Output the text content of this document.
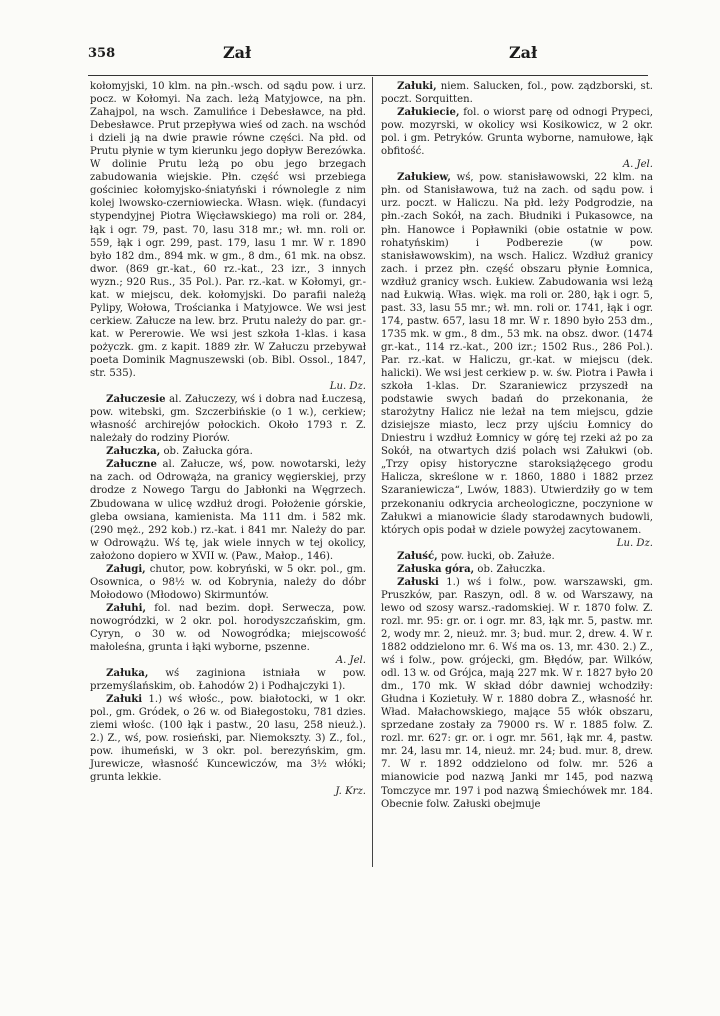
358	Zał	Zał

kołomyjski, 10 klm. na płn.-wsch. od sądu pow. i urz. pocz. w Kołomyi. Na zach. leżą Matyjowce, na płn. Zahajpol, na wsch. Zamulińce i Debesławce, na płd. Debesławce. Prut przepływa wieś od zach. na wschód i dzieli ją na dwie prawie równe części. Na płd. od Prutu płynie w tym kierunku jego dopływ Berezówka. W dolinie Prutu leżą po obu jego brzegach zabudowania wiejskie. Płn. część wsi przebiega gościniec kołomyjsko-śniatyński i równolegle z nim kolej lwowsko-czerniowiecka. Własn. więk. (fundacyi stypendyjnej Piotra Więcławskiego) ma roli or. 284, łąk i ogr. 79, past. 70, lasu 318 mr.; wł. mn. roli or. 559, łąk i ogr. 299, past. 179, lasu 1 mr. W r. 1890 było 182 dm., 894 mk. w gm., 8 dm., 61 mk. na obsz. dwor. (869 gr.-kat., 60 rz.-kat., 23 izr., 3 innych wyzn.; 920 Rus., 35 Pol.). Par. rz.-kat. w Kołomyi, gr.-kat. w miejscu, dek. kołomyjski. Do parafii należą Pylipy, Wołowa, Trościanka i Matyjowce. We wsi jest cerkiew. Załucze na lew. brz. Prutu należy do par. gr.-kat. w Pererowie. We wsi jest szkoła 1-klas. i kasa pożyczk. gm. z kapit. 1889 złr. W Załuczu przebywał poeta Dominik Magnuszewski (ob. Bibl. Ossol., 1847, str. 535).

Lu. Dz.

Załuczesie al. Załuczezy, wś i dobra nad Łuczesą, pow. witebski, gm. Szczerbińskie (o 1 w.), cerkiew; własność archirejów połockich. Około 1793 r. Z. należały do rodziny Piorów.

Załuczka, ob. Załucka góra.

Załuczne al. Załucze, wś, pow. nowotarski, leży na zach. od Odrowąża, na granicy węgierskiej, przy drodze z Nowego Targu do Jabłonki na Węgrzech. Zbudowana w ulicę wzdłuż drogi. Położenie górskie, gleba owsiana, kamienista. Ma 111 dm. i 582 mk. (290 męż., 292 kob.) rz.-kat. i 841 mr. Należy do par. w Odrowążu. Wś tę, jak wiele innych w tej okolicy, założono dopiero w XVII w. (Paw., Małop., 146).

Załugi, chutor, pow. kobryński, w 5 okr. pol., gm. Osownica, o 98½ w. od Kobrynia, należy do dóbr Mołodowo (Młodowo) Skirmuntów.

Załuhi, fol. nad bezim. dopł. Serwecza, pow. nowogródzki, w 2 okr. pol. horodyszczańskim, gm. Cyryn, o 30 w. od Nowogródka; miejscowość małoleśna, grunta i łąki wyborne, pszenne.

A. Jel.

Załuka, wś zaginiona istniała w pow. przemyślańskim, ob. Łahodów 2) i Podhajczyki 1).

Załuki 1.) wś włośc., pow. białotocki, w 1 okr. pol., gm. Gródek, o 26 w. od Białegostoku, 781 dzies. ziemi włośc. (100 łąk i pastw., 20 lasu, 258 nieuż.). 2.) Z., wś, pow. rosieński, par. Niemokszty. 3) Z., fol., pow. ihumeński, w 3 okr. pol. berezyńskim, gm. Jurewicze, własność Kuncewiczów, ma 3½ włóki; grunta lekkie.

J. Krz.

Załuki, niem. Salucken, fol., pow. ządzborski, st. poczt. Sorquitten.

Załukiecie, fol. o wiorst parę od odnogi Prypeci, pow. mozyrski, w okolicy wsi Kosikowicz, w 2 okr. pol. i gm. Petryków. Grunta wyborne, namułowe, łąk obfitość.

A. Jel.

Załukiew, wś, pow. stanisławowski, 22 klm. na płn. od Stanisławowa, tuż na zach. od sądu pow. i urz. poczt. w Haliczu. Na płd. leży Podgrodzie, na płn.-zach Sokół, na zach. Błudniki i Pukasowce, na płn. Hanowce i Popławniki (obie ostatnie w pow. rohatyńskim) i Podberezie (w pow. stanisławowskim), na wsch. Halicz. Wzdłuż granicy zach. i przez płn. część obszaru płynie Łomnica, wzdłuż granicy wsch. Łukiew. Zabudowania wsi leżą nad Łukwią. Włas. więk. ma roli or. 280, łąk i ogr. 5, past. 33, lasu 55 mr.; wł. mn. roli or. 1741, łąk i ogr. 174, pastw. 657, lasu 18 mr. W r. 1890 było 253 dm., 1735 mk. w gm., 8 dm., 53 mk. na obsz. dwor. (1474 gr.-kat., 114 rz.-kat., 200 izr.; 1502 Rus., 286 Pol.). Par. rz.-kat. w Haliczu, gr.-kat. w miejscu (dek. halicki). We wsi jest cerkiew p. w. św. Piotra i Pawła i szkoła 1-klas. Dr. Szaraniewicz przyszedł na podstawie swych badań do przekonania, że starożytny Halicz nie leżał na tem miejscu, gdzie dzisiejsze miasto, lecz przy ujściu Łomnicy do Dniestru i wzdłuż Łomnicy w górę tej rzeki aż po za Sokół, na otwartych dziś polach wsi Załukwi (ob. „Trzy opisy historyczne staroksiążęcego grodu Halicza, skreślone w r. 1860, 1880 i 1882 przez Szaraniewicza“, Lwów, 1883). Utwierdziły go w tem przekonaniu odkrycia archeologiczne, poczynione w Załukwi a mianowicie ślady starodawnych budowli, których opis podał w dziele powyżej zacytowanem.

Lu. Dz.

Załuść, pow. łucki, ob. Załuże.

Załuska góra, ob. Załuczka.

Załuski 1.) wś i folw., pow. warszawski, gm. Pruszków, par. Raszyn, odl. 8 w. od Warszawy, na lewo od szosy warsz.-radomskiej. W r. 1870 folw. Z. rozl. mr. 95: gr. or. i ogr. mr. 83, łąk mr. 5, pastw. mr. 2, wody mr. 2, nieuż. mr. 3; bud. mur. 2, drew. 4. W r. 1882 oddzielono mr. 6. Wś ma os. 13, mr. 430. 2.) Z., wś i folw., pow. grójecki, gm. Błędów, par. Wilków, odl. 13 w. od Grójca, mają 227 mk. W r. 1827 było 20 dm., 170 mk. W skład dóbr dawniej wchodziły: Głudna i Kozietuły. W r. 1880 dobra Z., własność hr. Wład. Małachowskiego, mające 55 włók obszaru, sprzedane zostały za 79000 rs. W r. 1885 folw. Z. rozl. mr. 627: gr. or. i ogr. mr. 561, łąk mr. 4, pastw. mr. 24, lasu mr. 14, nieuż. mr. 24; bud. mur. 8, drew. 7. W r. 1892 oddzielono od folw. mr. 526 a mianowicie pod nazwą Janki mr 145, pod nazwą Tomczyce mr. 197 i pod nazwą Śmiechówek mr. 184. Obecnie folw. Załuski obejmuje
